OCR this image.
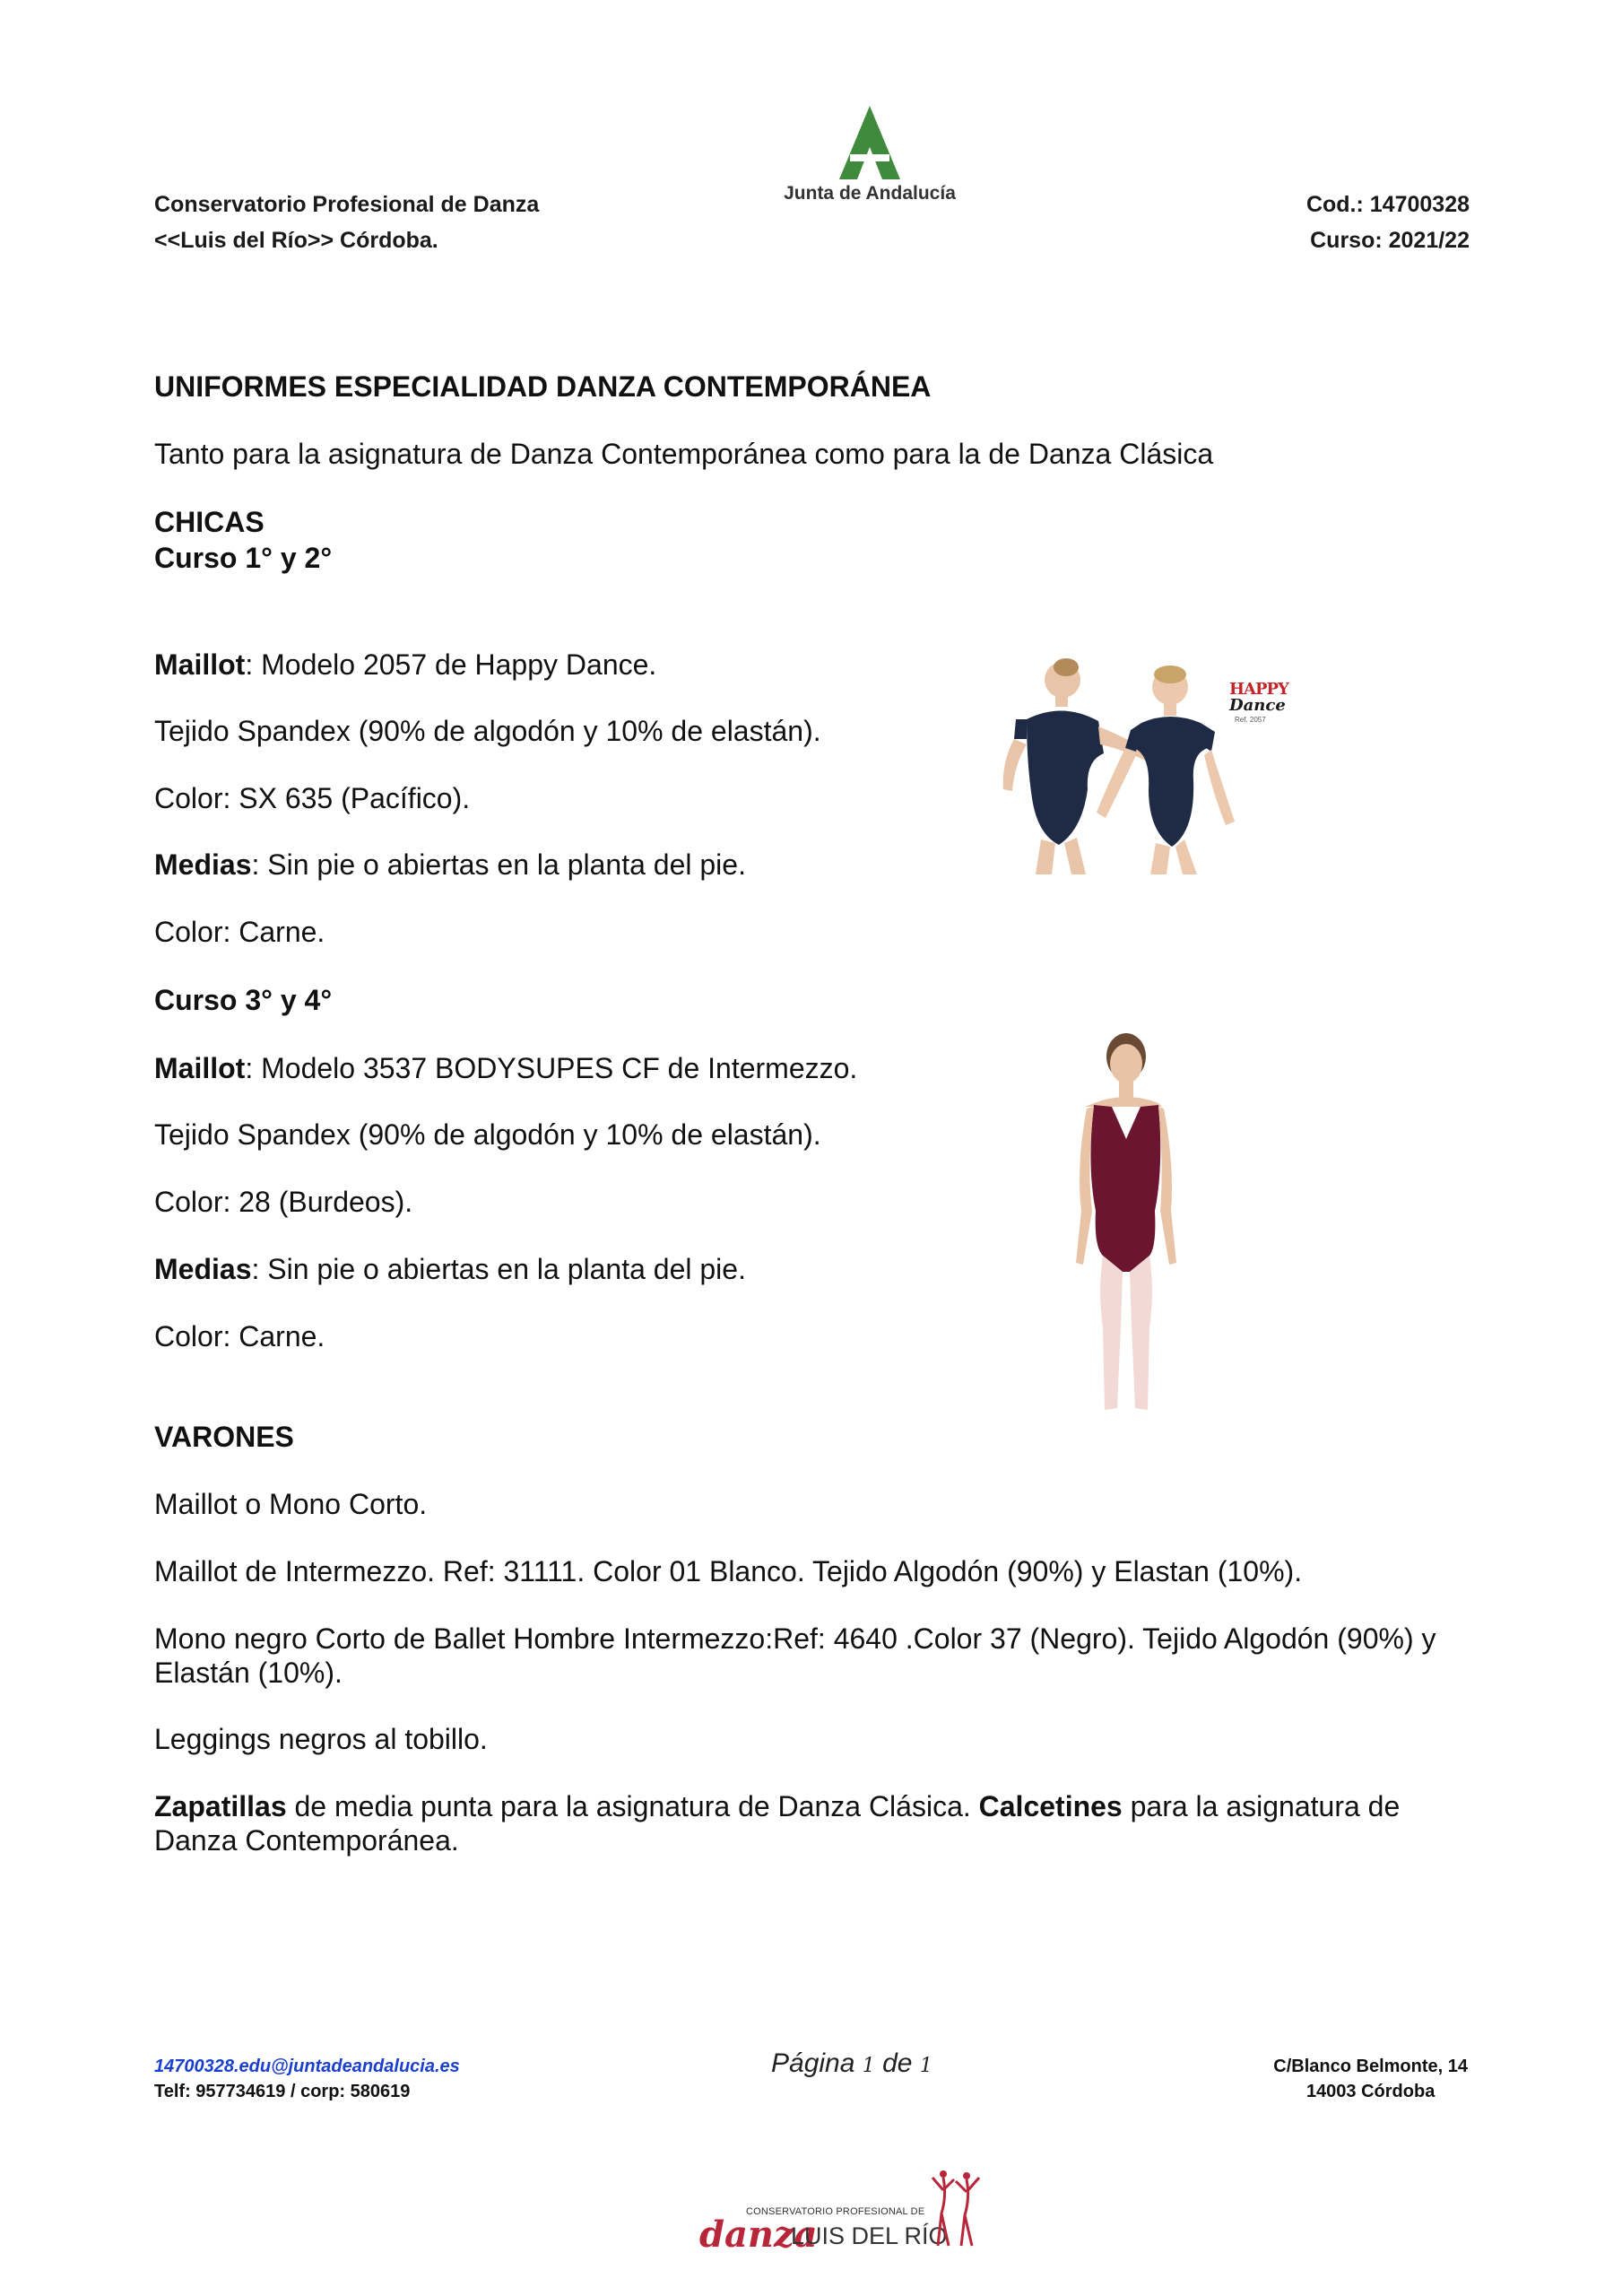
Conservatorio Profesional de Danza
<<Luis del Río>> Córdoba.
Junta de Andalucía	Cod.: 14700328
Curso: 2021/22
UNIFORMES ESPECIALIDAD DANZA CONTEMPORÁNEA
Tanto para la asignatura de Danza Contemporánea como para la de Danza Clásica
CHICAS
Curso 1° y 2°
Maillot: Modelo 2057 de Happy Dance.
Tejido Spandex (90% de algodón y 10% de elastán).
Color: SX 635 (Pacífico).
Medias: Sin pie o abiertas en la planta del pie.
Color: Carne.
HAPPY
Dance
Ref. 2057
Curso 3° y 4°
Maillot: Modelo 3537 BODYSUPES CF de Intermezzo.
Tejido Spandex (90% de algodón y 10% de elastán).
Color: 28 (Burdeos).
Medias: Sin pie o abiertas en la planta del pie.
Color: Carne.
VARONES
Maillot o Mono Corto.
Maillot de Intermezzo. Ref: 31111. Color 01 Blanco. Tejido Algodón (90%) y Elastan (10%).
Mono negro Corto de Ballet Hombre Intermezzo:Ref: 4640 .Color 37 (Negro). Tejido Algodón (90%) y Elastán (10%).
Leggings negros al tobillo.
Zapatillas de media punta para la asignatura de Danza Clásica. Calcetines para la asignatura de Danza Contemporánea.
14700328.edu@juntadeandalucia.es
Telf: 957734619 / corp: 580619
Página 1 de 1	C/Blanco Belmonte, 14
14003 Córdoba
CONSERVATORIO PROFESIONAL DE
danza
LUIS DEL RÍO
